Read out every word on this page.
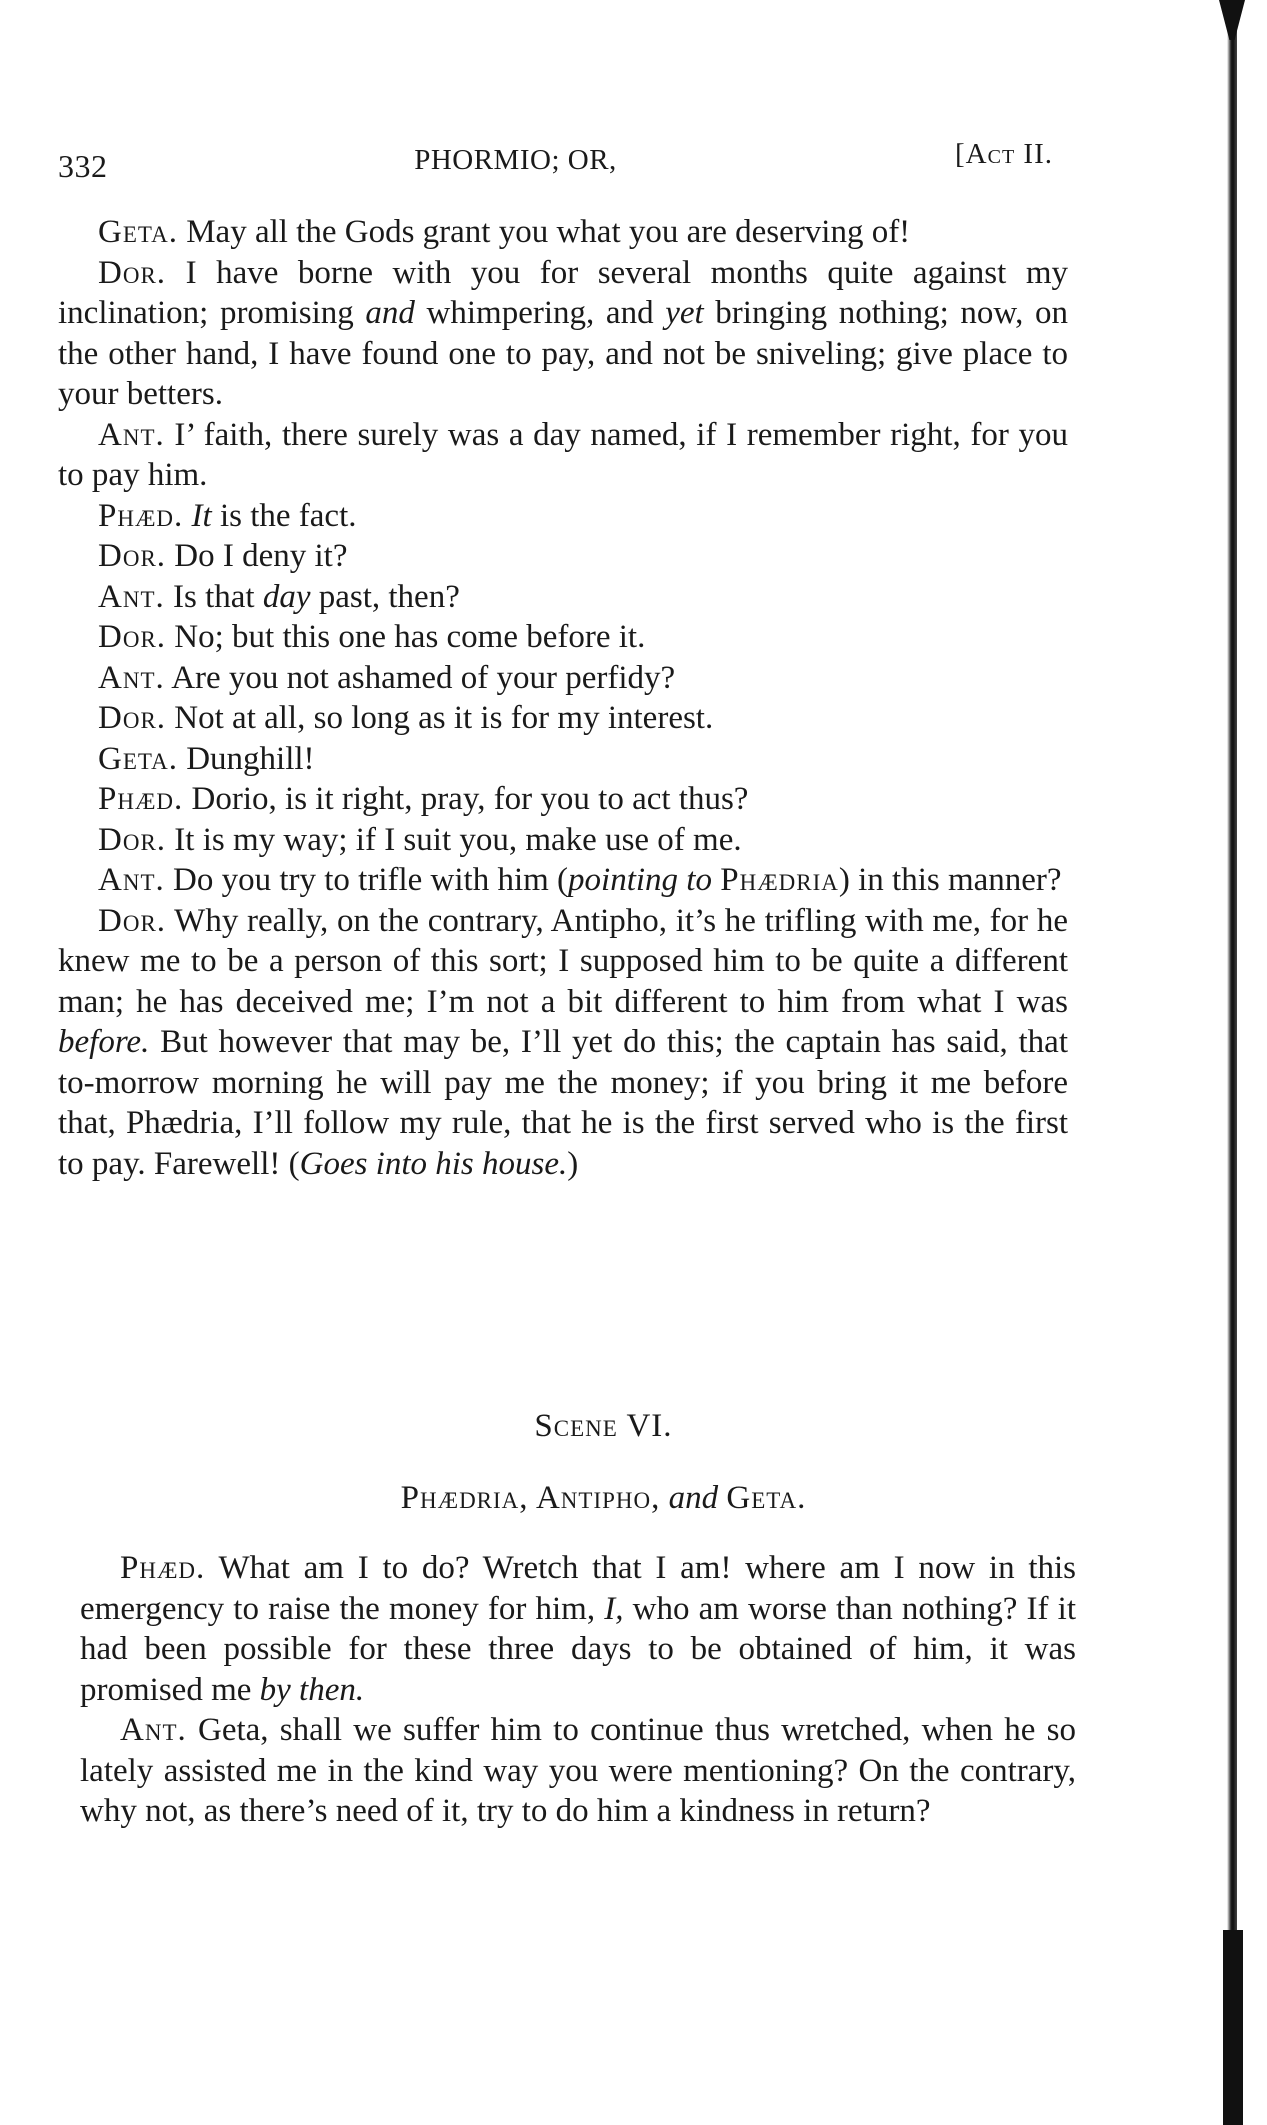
332	PHORMIO; OR,	[Act II.

Geta. May all the Gods grant you what you are deserving of!

Dor. I have borne with you for several months quite against my inclination; promising and whimpering, and yet bringing nothing; now, on the other hand, I have found one to pay, and not be sniveling; give place to your betters.

Ant. I’ faith, there surely was a day named, if I remember right, for you to pay him.

Phæd. It is the fact.

Dor. Do I deny it?

Ant. Is that day past, then?

Dor. No; but this one has come before it.

Ant. Are you not ashamed of your perfidy?

Dor. Not at all, so long as it is for my interest.

Geta. Dunghill!

Phæd. Dorio, is it right, pray, for you to act thus?

Dor. It is my way; if I suit you, make use of me.

Ant. Do you try to trifle with him (pointing to Phædria) in this manner?

Dor. Why really, on the contrary, Antipho, it’s he trifling with me, for he knew me to be a person of this sort; I supposed him to be quite a different man; he has deceived me; I’m not a bit different to him from what I was before. But however that may be, I’ll yet do this; the captain has said, that to-morrow morning he will pay me the money; if you bring it me before that, Phædria, I’ll follow my rule, that he is the first served who is the first to pay. Farewell! (Goes into his house.)

Scene VI.
Phædria, Antipho, and Geta.

Phæd. What am I to do? Wretch that I am! where am I now in this emergency to raise the money for him, I, who am worse than nothing? If it had been possible for these three days to be obtained of him, it was promised me by then.

Ant. Geta, shall we suffer him to continue thus wretched, when he so lately assisted me in the kind way you were mentioning? On the contrary, why not, as there’s need of it, try to do him a kindness in return?
